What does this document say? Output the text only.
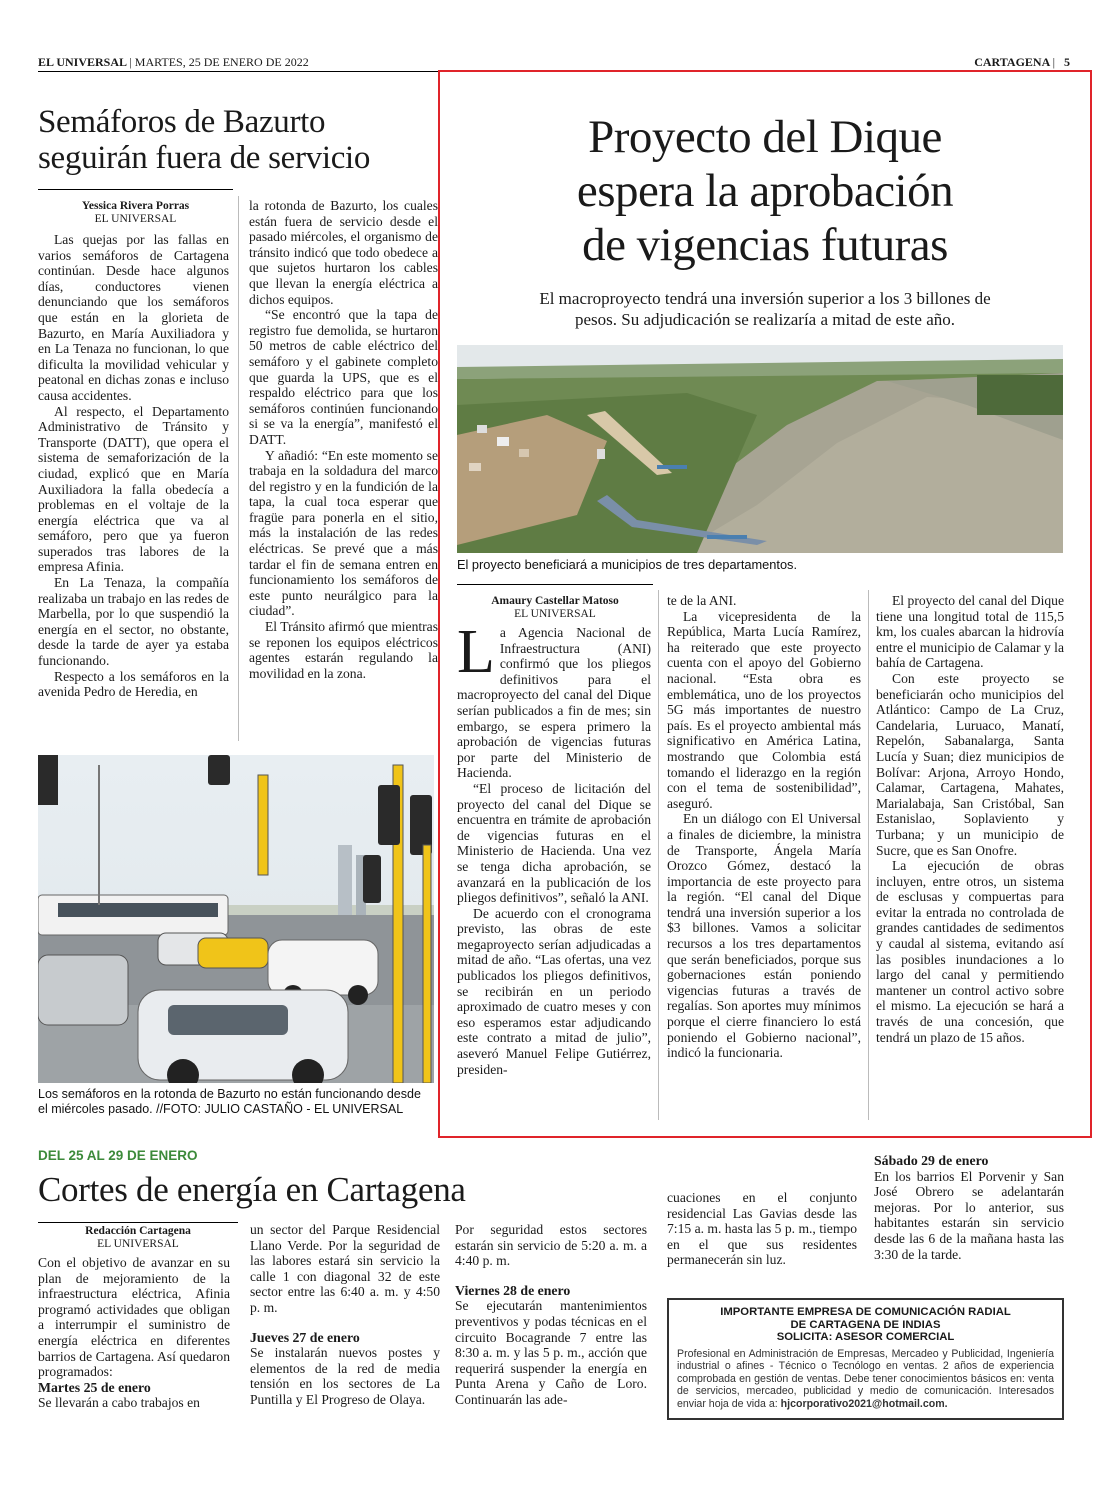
EL UNIVERSAL | MARTES, 25 DE ENERO DE 2022	CARTAGENA |   5
Semáforos de Bazurto
seguirán fuera de servicio
Yessica Rivera Porras
EL UNIVERSAL

Las quejas por las fallas en varios semáforos de Cartagena continúan. Desde hace algunos días, conductores vienen denunciando que los semáforos que están en la glorieta de Bazurto, en María Auxiliadora y en La Tenaza no funcionan, lo que dificulta la movilidad vehicular y peatonal en dichas zonas e incluso causa accidentes.

Al respecto, el Departamento Administrativo de Tránsito y Transporte (DATT), que opera el sistema de semaforización de la ciudad, explicó que en María Auxiliadora la falla obedecía a problemas en el voltaje de la energía eléctrica que va al semáforo, pero que ya fueron superados tras labores de la empresa Afinia.

En La Tenaza, la compañía realizaba un trabajo en las redes de Marbella, por lo que suspendió la energía en el sector, no obstante, desde la tarde de ayer ya estaba funcionando.

Respecto a los semáforos en la avenida Pedro de Heredia, en

la rotonda de Bazurto, los cuales están fuera de servicio desde el pasado miércoles, el organismo de tránsito indicó que todo obedece a que sujetos hurtaron los cables que llevan la energía eléctrica a dichos equipos.

“Se encontró que la tapa de registro fue demolida, se hurtaron 50 metros de cable eléctrico del semáforo y el gabinete completo que guarda la UPS, que es el respaldo eléctrico para que los semáforos continúen funcionando si se va la energía”, manifestó el DATT.

Y añadió: “En este momento se trabaja en la soldadura del marco del registro y en la fundición de la tapa, la cual toca esperar que fragüe para ponerla en el sitio, más la instalación de las redes eléctricas. Se prevé que a más tardar el fin de semana entren en funcionamiento los semáforos de este punto neurálgico para la ciudad”.

El Tránsito afirmó que mientras se reponen los equipos eléctricos agentes estarán regulando la movilidad en la zona.

Los semáforos en la rotonda de Bazurto no están funcionando desde el miércoles pasado. //FOTO: JULIO CASTAÑO - EL UNIVERSAL
Proyecto del Dique
espera la aprobación
de vigencias futuras
El macroproyecto tendrá una inversión superior a los 3 billones de
pesos. Su adjudicación se realizaría a mitad de este año.
El proyecto beneficiará a municipios de tres departamentos.
Amaury Castellar Matoso
EL UNIVERSAL

La Agencia Nacional de Infraestructura (ANI) confirmó que los pliegos definitivos para el macroproyecto del canal del Dique serían publicados a fin de mes; sin embargo, se espera primero la aprobación de vigencias futuras por parte del Ministerio de Hacienda.

“El proceso de licitación del proyecto del canal del Dique se encuentra en trámite de aprobación de vigencias futuras en el Ministerio de Hacienda. Una vez se tenga dicha aprobación, se avanzará en la publicación de los pliegos definitivos”, señaló la ANI.

De acuerdo con el cronograma previsto, las obras de este megaproyecto serían adjudicadas a mitad de año. “Las ofertas, una vez publicados los pliegos definitivos, se recibirán en un periodo aproximado de cuatro meses y con eso esperamos estar adjudicando este contrato a mitad de julio”, aseveró Manuel Felipe Gutiérrez, presiden-

te de la ANI.

La vicepresidenta de la República, Marta Lucía Ramírez, ha reiterado que este proyecto cuenta con el apoyo del Gobierno nacional. “Esta obra es emblemática, uno de los proyectos 5G más importantes de nuestro país. Es el proyecto ambiental más significativo en América Latina, mostrando que Colombia está tomando el liderazgo en la región con el tema de sostenibilidad”, aseguró.

En un diálogo con El Universal a finales de diciembre, la ministra de Transporte, Ángela María Orozco Gómez, destacó la importancia de este proyecto para la región. “El canal del Dique tendrá una inversión superior a los $3 billones. Vamos a solicitar recursos a los tres departamentos que serán beneficiados, porque sus gobernaciones están poniendo vigencias futuras a través de regalías. Son aportes muy mínimos porque el cierre financiero lo está poniendo el Gobierno nacional”, indicó la funcionaria.

El proyecto del canal del Dique tiene una longitud total de 115,5 km, los cuales abarcan la hidrovía entre el municipio de Calamar y la bahía de Cartagena.

Con este proyecto se beneficiarán ocho municipios del Atlántico: Campo de La Cruz, Candelaria, Luruaco, Manatí, Repelón, Sabanalarga, Santa Lucía y Suan; diez municipios de Bolívar: Arjona, Arroyo Hondo, Calamar, Cartagena, Mahates, Marialabaja, San Cristóbal, San Estanislao, Soplaviento y Turbana; y un municipio de Sucre, que es San Onofre.

La ejecución de obras incluyen, entre otros, un sistema de esclusas y compuertas para evitar la entrada no controlada de grandes cantidades de sedimentos y caudal al sistema, evitando así las posibles inundaciones a lo largo del canal y permitiendo mantener un control activo sobre el mismo. La ejecución se hará a través de una concesión, que tendrá un plazo de 15 años.

DEL 25 AL 29 DE ENERO
Cortes de energía en Cartagena
Redacción Cartagena
EL UNIVERSAL

Con el objetivo de avanzar en su plan de mejoramiento de la infraestructura eléctrica, Afinia programó actividades que obligan a interrumpir el suministro de energía eléctrica en diferentes barrios de Cartagena. Así quedaron programados:

Martes 25 de enero

Se llevarán a cabo trabajos en

un sector del Parque Residencial Llano Verde. Por la seguridad de las labores estará sin servicio la calle 1 con diagonal 32 de este sector entre las 6:40 a. m. y 4:50 p. m.

Jueves 27 de enero

Se instalarán nuevos postes y elementos de la red de media tensión en los sectores de La Puntilla y El Progreso de Olaya.

Por seguridad estos sectores estarán sin servicio de 5:20 a. m. a 4:40 p. m.

Viernes 28 de enero

Se ejecutarán mantenimientos preventivos y podas técnicas en el circuito Bocagrande 7 entre las 8:30 a. m. y las 5 p. m., acción que requerirá suspender la energía en Punta Arena y Caño de Loro. Continuarán las ade-

cuaciones en el conjunto residencial Las Gavias desde las 7:15 a. m. hasta las 5 p. m., tiempo en el que sus residentes permanecerán sin luz.

Sábado 29 de enero

En los barrios El Porvenir y San José Obrero se adelantarán mejoras. Por lo anterior, sus habitantes estarán sin servicio desde las 6 de la mañana hasta las 3:30 de la tarde.

IMPORTANTE EMPRESA DE COMUNICACIÓN RADIAL
DE CARTAGENA DE INDIAS
SOLICITA: ASESOR COMERCIAL
Profesional en Administración de Empresas, Mercadeo y Publicidad, Ingeniería industrial o afines - Técnico o Tecnólogo en ventas. 2 años de experiencia comprobada en gestión de ventas. Debe tener conocimientos básicos en: venta de servicios, mercadeo, publicidad y medio de comunicación. Interesados enviar hoja de vida a: hjcorporativo2021@hotmail.com.
